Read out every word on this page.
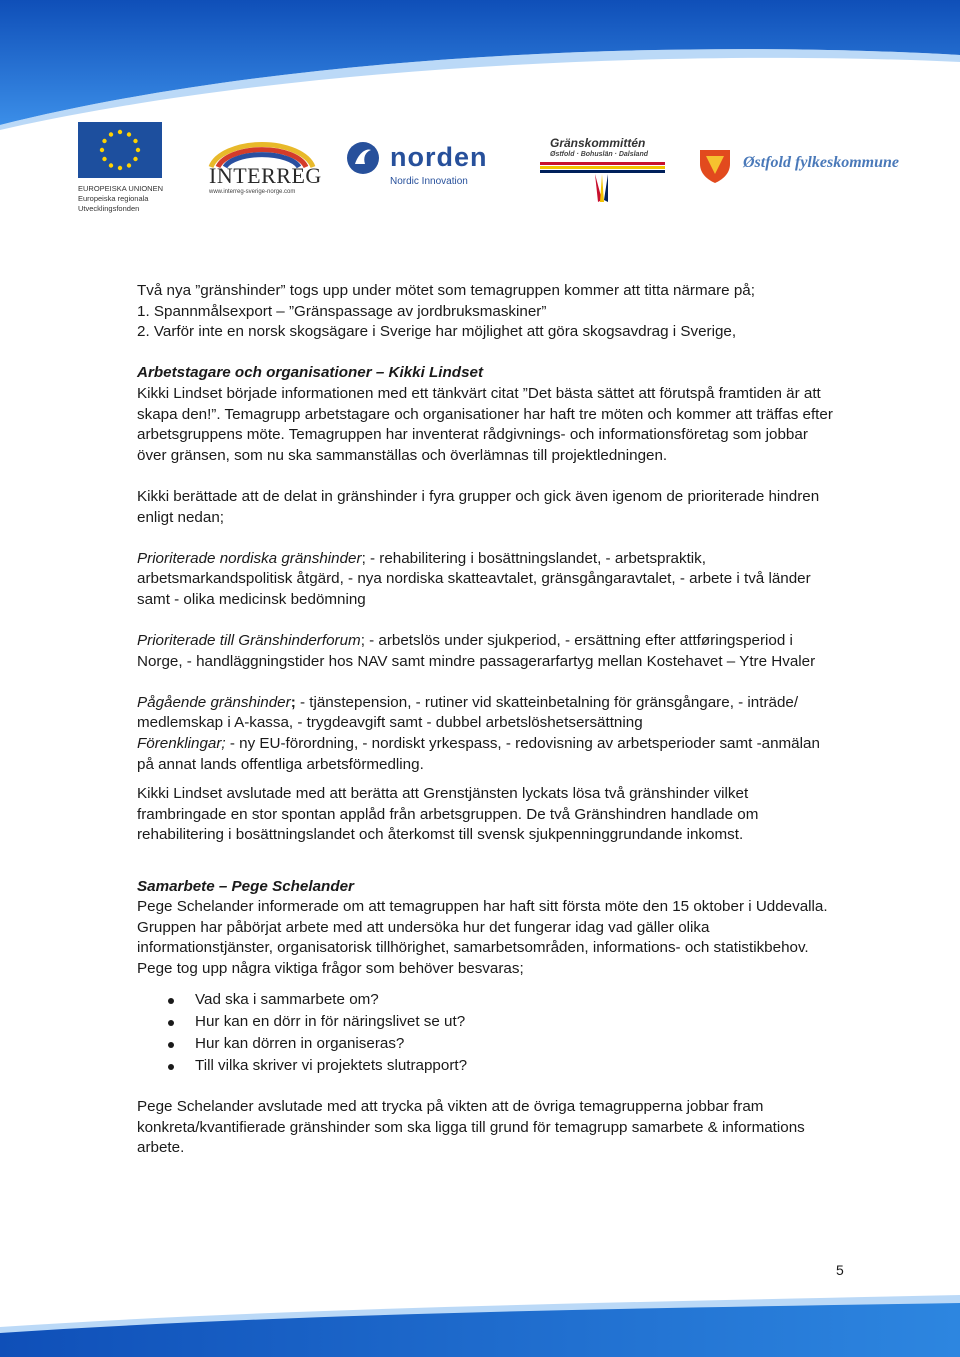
EUROPEISKA UNIONEN
Europeiska regionala
Utvecklingsfonden
INTERREG
www.interreg-sverige-norge.com
norden
Nordic Innovation
Gränskommittén
Østfold · Bohuslän · Dalsland	Østfold fylkeskommune

Två nya ”gränshinder” togs upp under mötet som temagruppen kommer att titta närmare på;

1. Spannmålsexport – ”Gränspassage av jordbruksmaskiner”

2. Varför inte en norsk skogsägare i Sverige har möjlighet att göra skogsavdrag i Sverige,

Arbetstagare och organisationer – Kikki Lindset

Kikki Lindset började informationen med ett tänkvärt citat ”Det bästa sättet att förutspå framtiden är att skapa den!”. Temagrupp arbetstagare och organisationer har haft tre möten och kommer att träffas efter arbetsgruppens möte. Temagruppen har inventerat rådgivnings- och informationsföretag som jobbar över gränsen, som nu ska sammanställas och överlämnas till projektledningen.

Kikki berättade att de delat in gränshinder i fyra grupper och gick även igenom de prioriterade hindren enligt nedan;

Prioriterade nordiska gränshinder; - rehabilitering i bosättningslandet, - arbetspraktik, arbetsmarkandspolitisk åtgärd, - nya nordiska skatteavtalet, gränsgångaravtalet, - arbete i två länder samt - olika medicinsk bedömning

Prioriterade till Gränshinderforum; - arbetslös under sjukperiod, - ersättning efter attføringsperiod i Norge, - handläggningstider hos NAV samt mindre passagerarfartyg mellan Kostehavet – Ytre Hvaler

Pågående gränshinder; - tjänstepension, - rutiner vid skatteinbetalning för gränsgångare, - inträde/ medlemskap i A-kassa, - trygdeavgift samt - dubbel arbetslöshetsersättning

Förenklingar; - ny EU-förordning, - nordiskt yrkespass, - redovisning av arbetsperioder samt -anmälan på annat lands offentliga arbetsförmedling.

Kikki Lindset avslutade med att berätta att Grenstjänsten lyckats lösa två gränshinder vilket frambringade en stor spontan applåd från arbetsgruppen. De två Gränshindren handlade om rehabilitering i bosättningslandet och återkomst till svensk sjukpenninggrundande inkomst.

Samarbete – Pege Schelander

Pege Schelander informerade om att temagruppen har haft sitt första möte den 15 oktober i Uddevalla. Gruppen har påbörjat arbete med att undersöka hur det fungerar idag vad gäller olika informationstjänster, organisatorisk tillhörighet, samarbetsområden, informations- och statistikbehov. Pege tog upp några viktiga frågor som behöver besvaras;

Vad ska i sammarbete om?
Hur kan en dörr in för näringslivet se ut?
Hur kan dörren in organiseras?
Till vilka skriver vi projektets slutrapport?

Pege Schelander avslutade med att trycka på vikten att de övriga temagrupperna jobbar fram konkreta/kvantifierade gränshinder som ska ligga till grund för temagrupp samarbete & informations arbete.

5
